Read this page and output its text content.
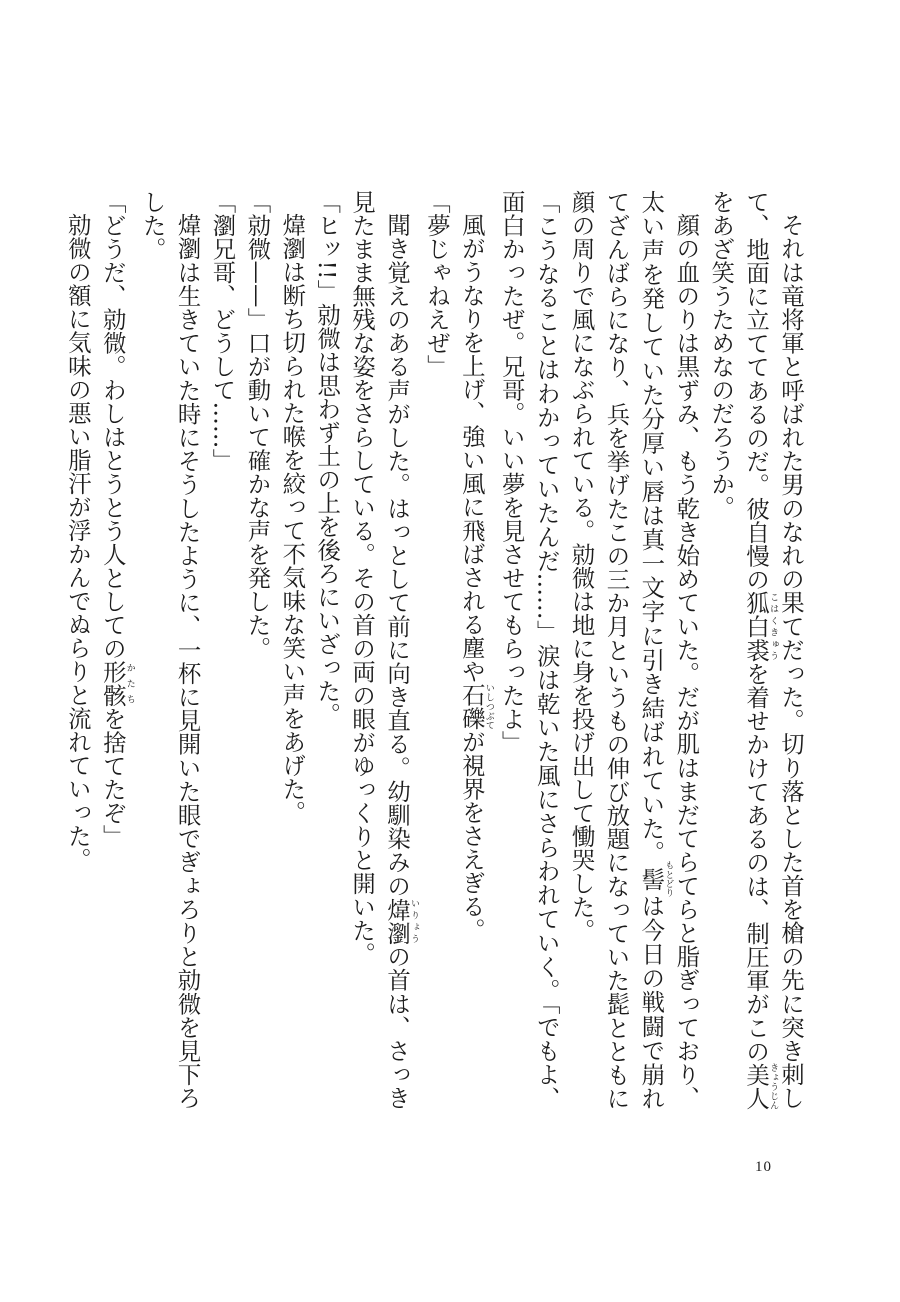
それは竜将軍と呼ばれた男のなれの果てだった。切り落とした首を槍の先に突き刺して、地面に立ててあるのだ。彼自慢の狐白裘こはくきゅうを着せかけてあるのは、制圧軍がこの美人きょうじんをあざ笑うためなのだろうか。

顔の血のりは黒ずみ、もう乾き始めていた。だが肌はまだてらてらと脂ぎっており、太い声を発していた分厚い唇は真一文字に引き結ばれていた。髻もとどりは今日の戦闘で崩れてざんばらになり、兵を挙げたこの三か月というもの伸び放題になっていた髭とともに顔の周りで風になぶられている。勍微は地に身を投げ出して慟哭した。

「こうなることはわかっていたんだ……」涙は乾いた風にさらわれていく。「でもよ、面白かったぜ。兄哥。いい夢を見させてもらったよ」

風がうなりを上げ、強い風に飛ばされる塵や石礫いしつぶてが視界をさえぎる。

「夢じゃねえぜ」

聞き覚えのある声がした。はっとして前に向き直る。幼馴染みの煒瀏いりょうの首は、さっき見たまま無残な姿をさらしている。その首の両の眼がゆっくりと開いた。

「ヒッ!!」勍微は思わず土の上を後ろにいざった。

煒瀏は断ち切られた喉を絞って不気味な笑い声をあげた。

「勍微——」口が動いて確かな声を発した。

「瀏兄哥、どうして……」

煒瀏は生きていた時にそうしたように、一杯に見開いた眼でぎょろりと勍微を見下ろした。

「どうだ、勍微。わしはとうとう人としての形骸かたちを捨てたぞ」

勍微の額に気味の悪い脂汗が浮かんでぬらりと流れていった。

10
